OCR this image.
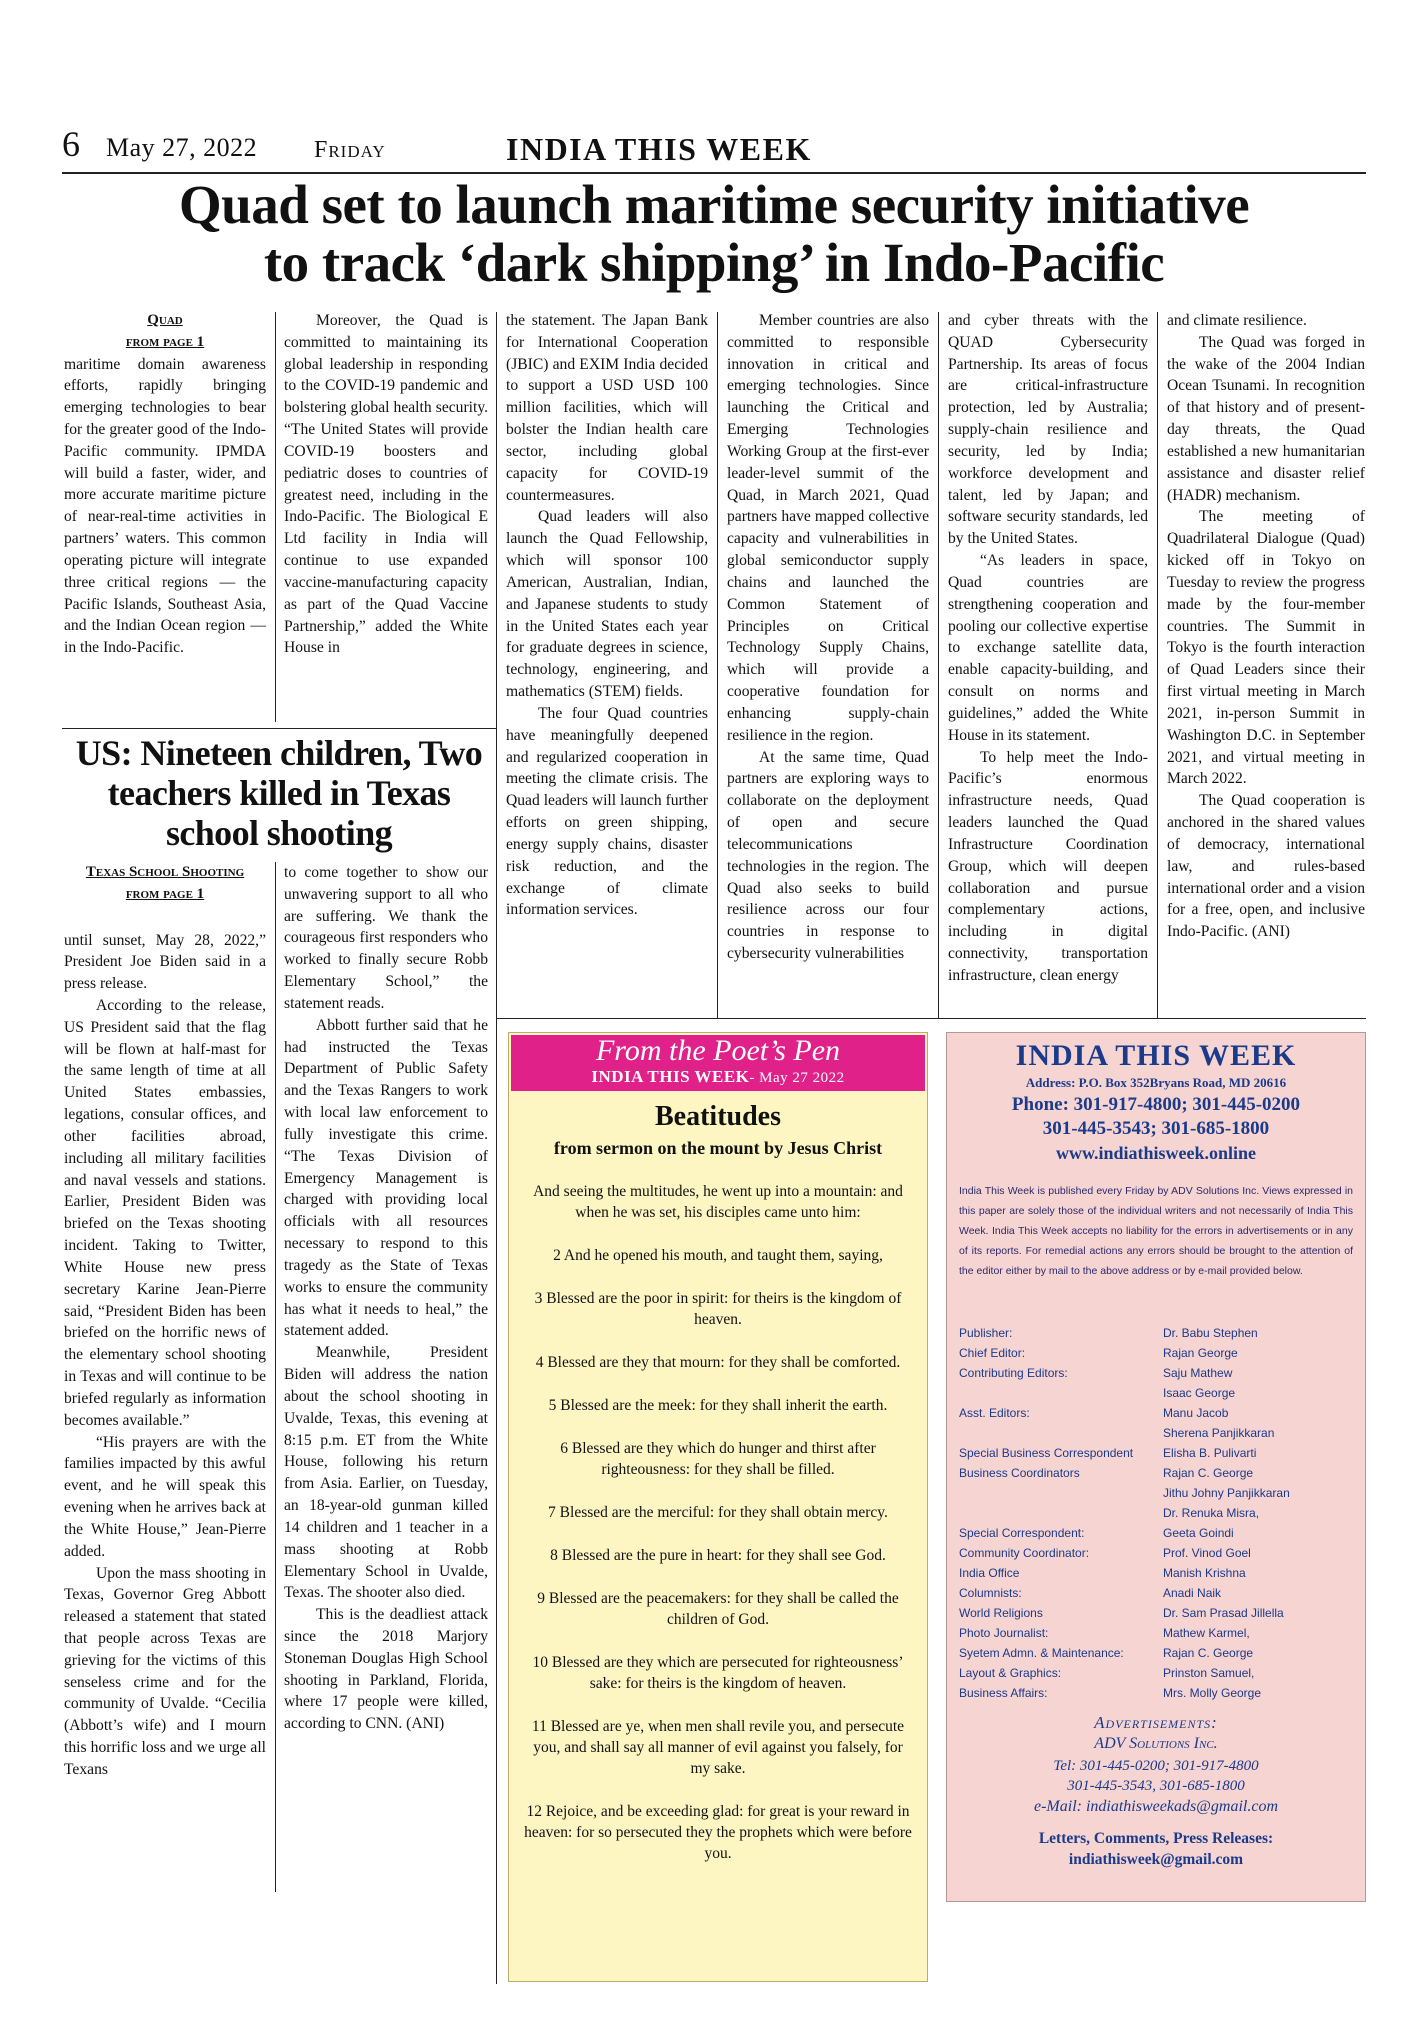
6 May 27, 2022 Friday	INDIA THIS WEEK
Quad set to launch maritime security initiative
to track ‘dark shipping’ in Indo-Pacific
Quad
from page 1

maritime domain awareness efforts, rapidly bringing emerging technologies to bear for the greater good of the Indo-Pacific community. IPMDA will build a faster, wider, and more accurate maritime picture of near-real-time activities in partners’ waters. This common operating picture will integrate three critical regions — the Pacific Islands, Southeast Asia, and the Indian Ocean region — in the Indo-Pacific.

Moreover, the Quad is committed to maintaining its global leadership in responding to the COVID-19 pandemic and bolstering global health security. “The United States will provide COVID-19 boosters and pediatric doses to countries of greatest need, including in the Indo-Pacific. The Biological E Ltd facility in India will continue to use expanded vaccine-manufacturing capacity as part of the Quad Vaccine Partnership,” added the White House in

the statement. The Japan Bank for International Cooperation (JBIC) and EXIM India decided to support a USD USD 100 million facilities, which will bolster the Indian health care sector, including global capacity for COVID-19 countermeasures.

Quad leaders will also launch the Quad Fellowship, which will sponsor 100 American, Australian, Indian, and Japanese students to study in the United States each year for graduate degrees in science, technology, engineering, and mathematics (STEM) fields.

The four Quad countries have meaningfully deepened and regularized cooperation in meeting the climate crisis. The Quad leaders will launch further efforts on green shipping, energy supply chains, disaster risk reduction, and the exchange of climate information services.

Member countries are also committed to responsible innovation in critical and emerging technologies. Since launching the Critical and Emerging Technologies Working Group at the first-ever leader-level summit of the Quad, in March 2021, Quad partners have mapped collective capacity and vulnerabilities in global semiconductor supply chains and launched the Common Statement of Principles on Critical Technology Supply Chains, which will provide a cooperative foundation for enhancing supply-chain resilience in the region.

At the same time, Quad partners are exploring ways to collaborate on the deployment of open and secure telecommunications technologies in the region. The Quad also seeks to build resilience across our four countries in response to cybersecurity vulnerabilities

and cyber threats with the QUAD Cybersecurity Partnership. Its areas of focus are critical-infrastructure protection, led by Australia; supply-chain resilience and security, led by India; workforce development and talent, led by Japan; and software security standards, led by the United States.

“As leaders in space, Quad countries are strengthening cooperation and pooling our collective expertise to exchange satellite data, enable capacity-building, and consult on norms and guidelines,” added the White House in its statement.

To help meet the Indo-Pacific’s enormous infrastructure needs, Quad leaders launched the Quad Infrastructure Coordination Group, which will deepen collaboration and pursue complementary actions, including in digital connectivity, transportation infrastructure, clean energy

and climate resilience.

The Quad was forged in the wake of the 2004 Indian Ocean Tsunami. In recognition of that history and of present-day threats, the Quad established a new humanitarian assistance and disaster relief (HADR) mechanism.

The meeting of Quadrilateral Dialogue (Quad) kicked off in Tokyo on Tuesday to review the progress made by the four-member countries. The Summit in Tokyo is the fourth interaction of Quad Leaders since their first virtual meeting in March 2021, in-person Summit in Washington D.C. in September 2021, and virtual meeting in March 2022.

The Quad cooperation is anchored in the shared values of democracy, international law, and rules-based international order and a vision for a free, open, and inclusive Indo-Pacific. (ANI)

US: Nineteen children, Two
teachers killed in Texas
school shooting
Texas School Shooting
from page 1

until sunset, May 28, 2022,” President Joe Biden said in a press release.

According to the release, US President said that the flag will be flown at half-mast for the same length of time at all United States embassies, legations, consular offices, and other facilities abroad, including all military facilities and naval vessels and stations. Earlier, President Biden was briefed on the Texas shooting incident. Taking to Twitter, White House new press secretary Karine Jean-Pierre said, “President Biden has been briefed on the horrific news of the elementary school shooting in Texas and will continue to be briefed regularly as information becomes available.”

“His prayers are with the families impacted by this awful event, and he will speak this evening when he arrives back at the White House,” Jean-Pierre added.

Upon the mass shooting in Texas, Governor Greg Abbott released a statement that stated that people across Texas are grieving for the victims of this senseless crime and for the community of Uvalde. “Cecilia (Abbott’s wife) and I mourn this horrific loss and we urge all Texans

to come together to show our unwavering support to all who are suffering. We thank the courageous first responders who worked to finally secure Robb Elementary School,” the statement reads.

Abbott further said that he had instructed the Texas Department of Public Safety and the Texas Rangers to work with local law enforcement to fully investigate this crime. “The Texas Division of Emergency Management is charged with providing local officials with all resources necessary to respond to this tragedy as the State of Texas works to ensure the community has what it needs to heal,” the statement added.

Meanwhile, President Biden will address the nation about the school shooting in Uvalde, Texas, this evening at 8:15 p.m. ET from the White House, following his return from Asia. Earlier, on Tuesday, an 18-year-old gunman killed 14 children and 1 teacher in a mass shooting at Robb Elementary School in Uvalde, Texas. The shooter also died.

This is the deadliest attack since the 2018 Marjory Stoneman Douglas High School shooting in Parkland, Florida, where 17 people were killed, according to CNN. (ANI)

From the Poet’s Pen
INDIA THIS WEEK- May 27 2022
Beatitudes
from sermon on the mount by Jesus Christ

And seeing the multitudes, he went up into a mountain: and when he was set, his disciples came unto him:

2 And he opened his mouth, and taught them, saying,

3 Blessed are the poor in spirit: for theirs is the kingdom of heaven.

4 Blessed are they that mourn: for they shall be comforted.

5 Blessed are the meek: for they shall inherit the earth.

6 Blessed are they which do hunger and thirst after righteousness: for they shall be filled.

7 Blessed are the merciful: for they shall obtain mercy.

8 Blessed are the pure in heart: for they shall see God.

9 Blessed are the peacemakers: for they shall be called the children of God.

10 Blessed are they which are persecuted for righteousness’ sake: for theirs is the kingdom of heaven.

11 Blessed are ye, when men shall revile you, and persecute you, and shall say all manner of evil against you falsely, for my sake.

12 Rejoice, and be exceeding glad: for great is your reward in heaven: for so persecuted they the prophets which were before you.

INDIA THIS WEEK
Address: P.O. Box 352Bryans Road, MD 20616
Phone: 301-917-4800; 301-445-0200
301-445-3543; 301-685-1800
www.indiathisweek.online
India This Week is published every Friday by ADV Solutions Inc. Views expressed in this paper are solely those of the individual writers and not necessarily of India This Week. India This Week accepts no liability for the errors in advertisements or in any of its reports. For remedial actions any errors should be brought to the attention of the editor either by mail to the above address or by e-mail provided below.
Publisher:	Dr. Babu Stephen
Chief Editor:	Rajan George
Contributing Editors:	Saju Mathew
Isaac George
Asst. Editors:	Manu Jacob
Sherena Panjikkaran
Special Business Correspondent	Elisha B. Pulivarti
Business Coordinators	Rajan C. George
Jithu Johny Panjikkaran
Dr. Renuka Misra,
Special Correspondent:	Geeta Goindi
Community Coordinator:	Prof. Vinod Goel
India Office	Manish Krishna
Columnists:	Anadi Naik
World Religions	Dr. Sam Prasad Jillella
Photo Journalist:	Mathew Karmel,
Syetem Admn. & Maintenance:	Rajan C. George
Layout & Graphics:	Prinston Samuel,
Business Affairs:	Mrs. Molly George
Advertisements:
ADV Solutions Inc.
Tel: 301-445-0200; 301-917-4800
301-445-3543, 301-685-1800
e-Mail: indiathisweekads@gmail.com
Letters, Comments, Press Releases:
indiathisweek@gmail.com
